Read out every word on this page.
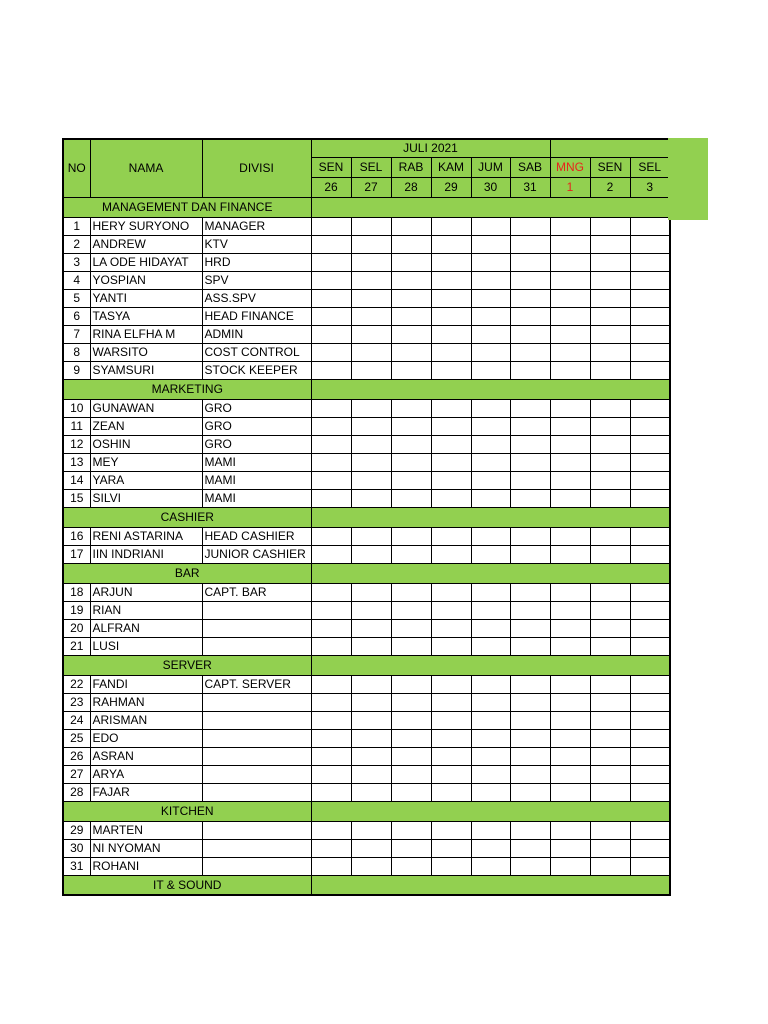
NO	NAMA	DIVISI	JULI 2021								
			SEN	SEL	RAB	KAM	JUM	SAB	MNG	SEN	SEL
			26	27	28	29	30	31	1	2	3
MANAGEMENT DAN FINANCE											

1	HERY SURYONO	MANAGER									
2	ANDREW	KTV									
3	LA ODE HIDAYAT	HRD									
4	YOSPIAN	SPV									
5	YANTI	ASS.SPV									
6	TASYA	HEAD FINANCE									
7	RINA ELFHA M	ADMIN									
8	WARSITO	COST CONTROL									
9	SYAMSURI	STOCK KEEPER									
MARKETING											

10	GUNAWAN	GRO									
11	ZEAN	GRO									
12	OSHIN	GRO									
13	MEY	MAMI									
14	YARA	MAMI									
15	SILVI	MAMI									
CASHIER											

16	RENI ASTARINA	HEAD CASHIER									
17	IIN INDRIANI	JUNIOR CASHIER									
BAR											

18	ARJUN	CAPT. BAR									
19	RIAN										
20	ALFRAN										
21	LUSI										
SERVER											

22	FANDI	CAPT. SERVER									
23	RAHMAN										
24	ARISMAN										
25	EDO										
26	ASRAN										
27	ARYA										
28	FAJAR										
KITCHEN											

29	MARTEN										
30	NI NYOMAN										
31	ROHANI										
IT & SOUND											
